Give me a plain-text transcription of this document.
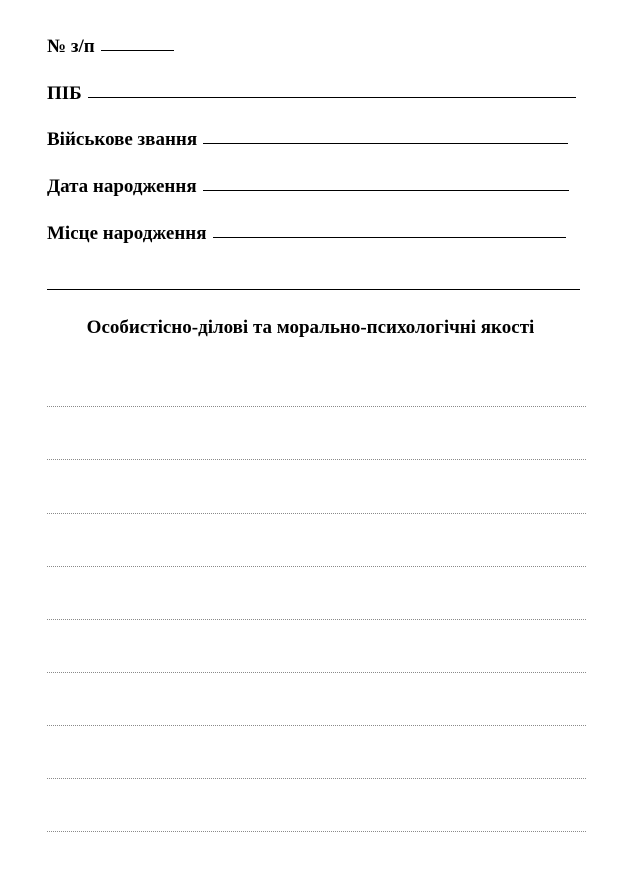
№ з/п
ПІБ
Військове звання
Дата народження
Місце народження
Особистісно-ділові та морально-психологічні якості
